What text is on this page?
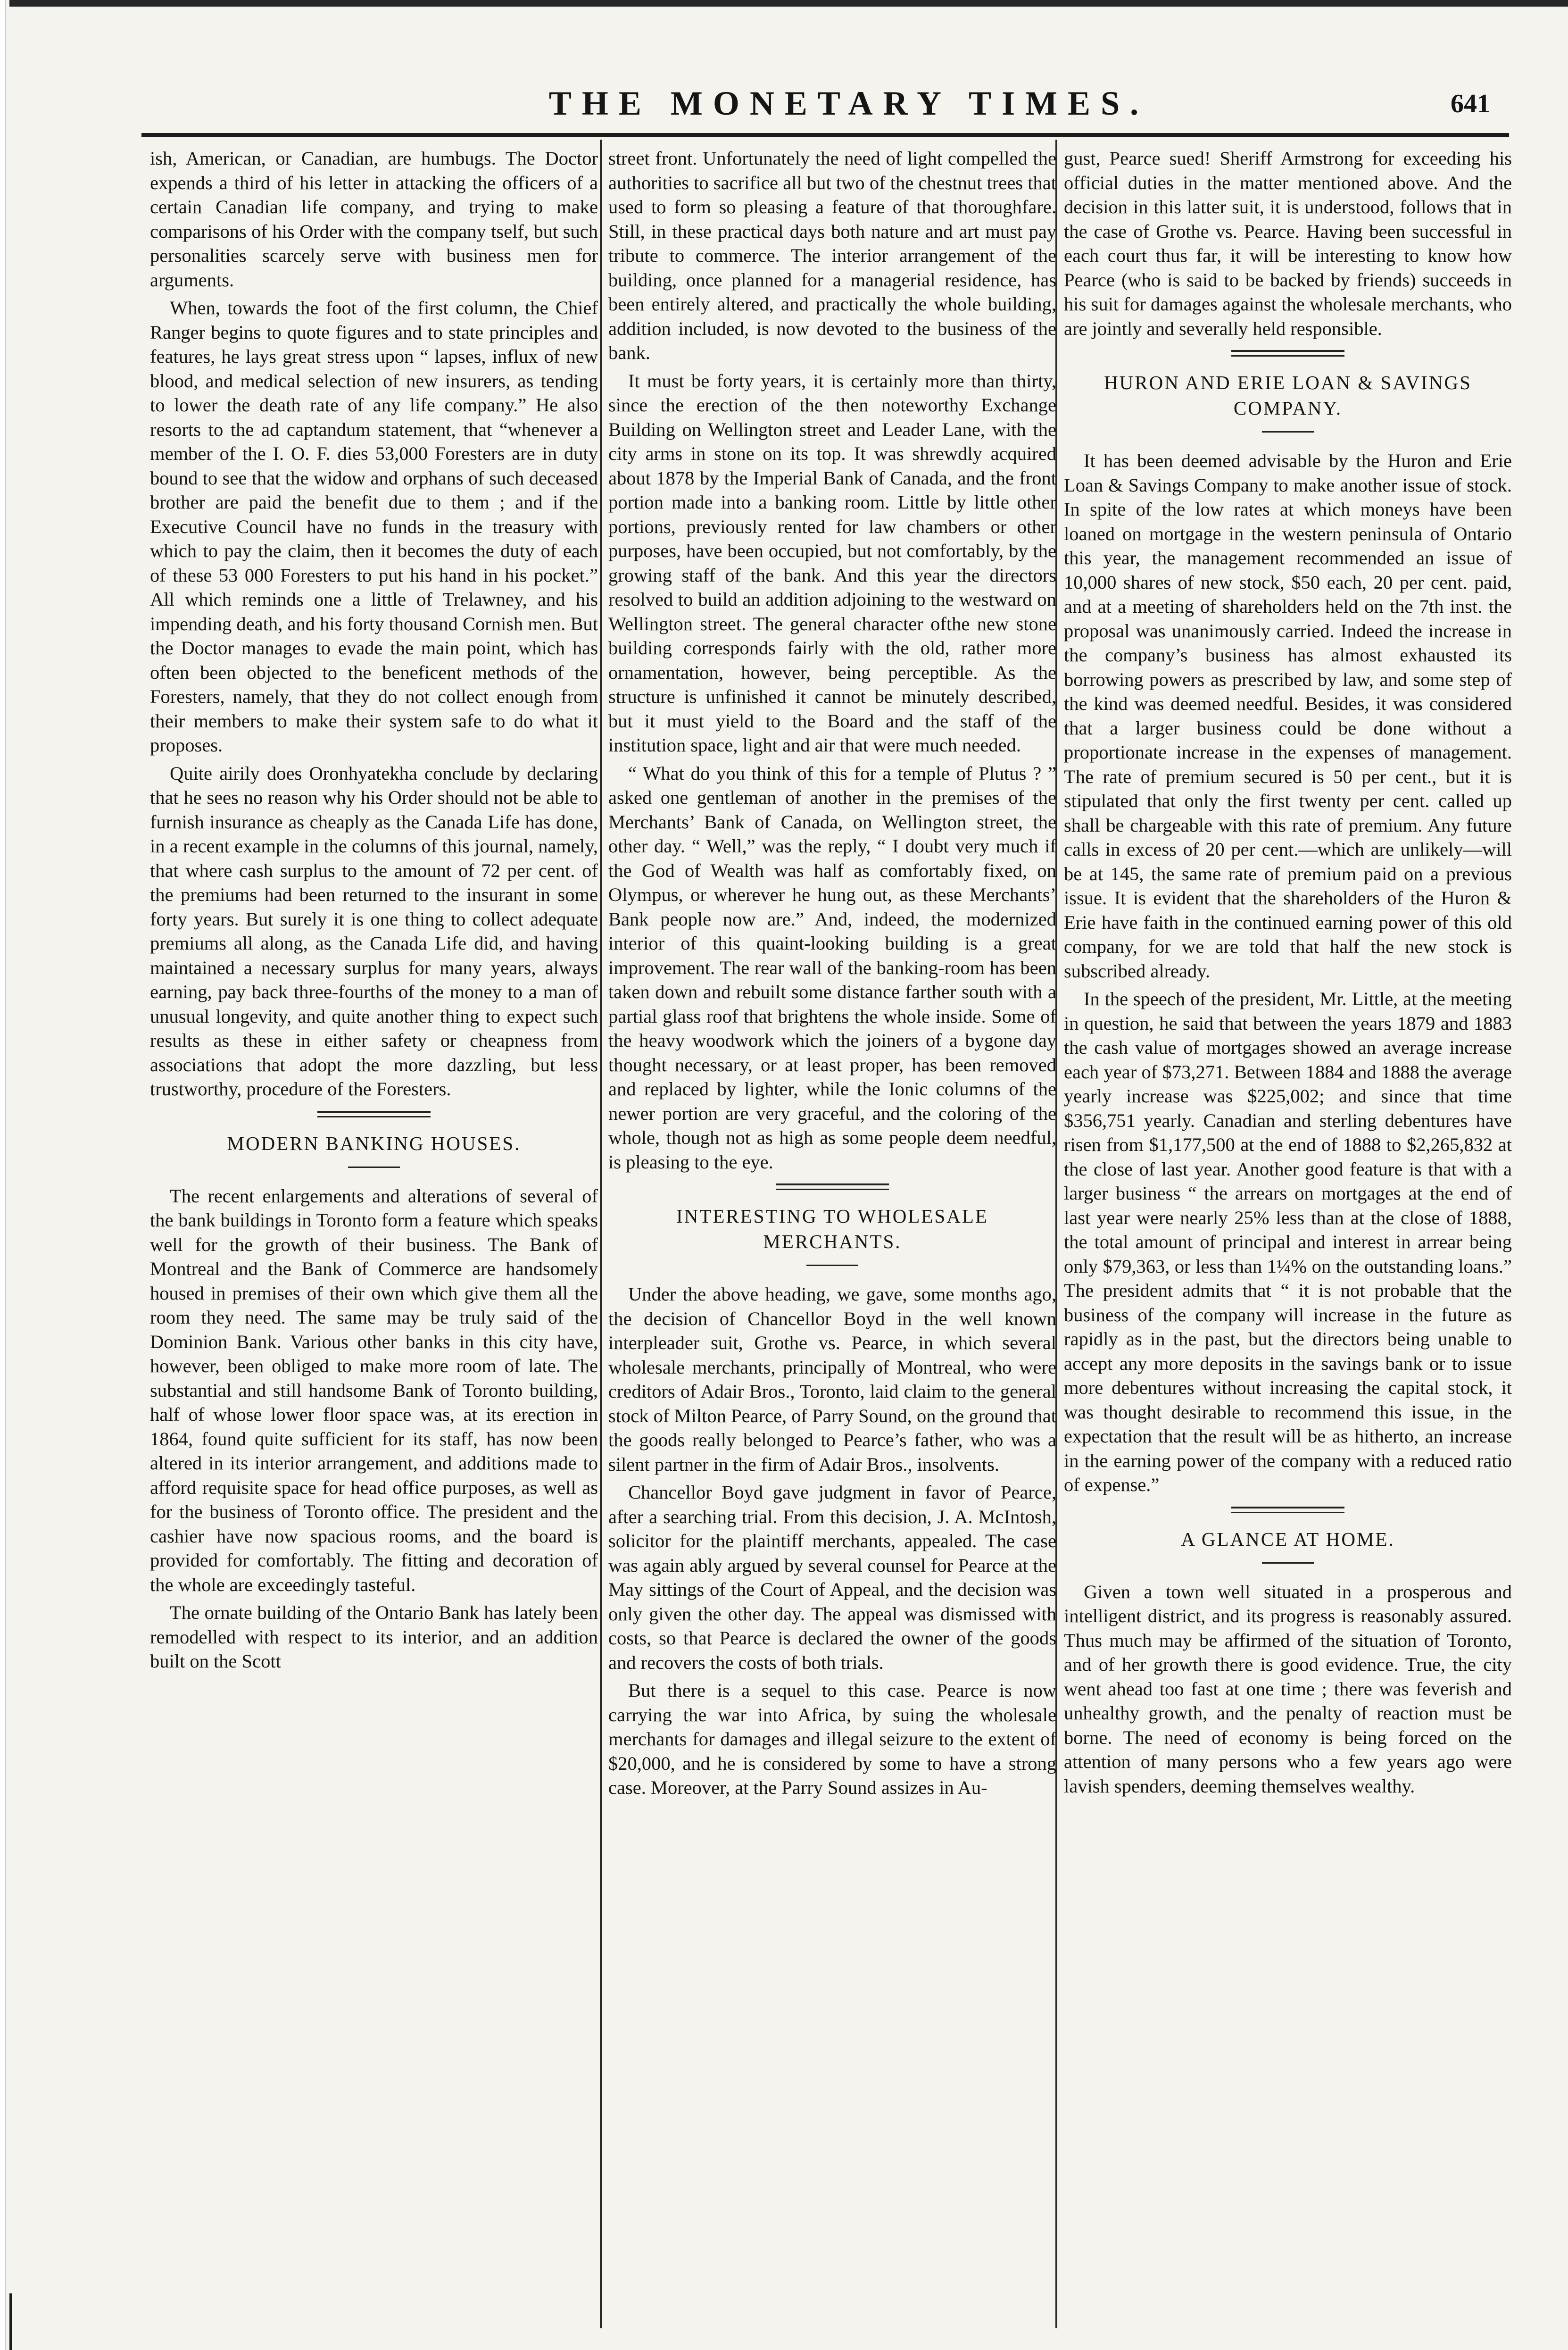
THE MONETARY TIMES.	641

ish, American, or Canadian, are humbugs. The Doctor expends a third of his letter in attacking the officers of a certain Canadian life company, and trying to make comparisons of his Order with the company tself, but such personalities scarcely serve with business men for arguments.

When, towards the foot of the first column, the Chief Ranger begins to quote figures and to state principles and features, he lays great stress upon “ lapses, influx of new blood, and medical selection of new insurers, as tending to lower the death rate of any life company.” He also resorts to the ad captandum statement, that “whenever a member of the I. O. F. dies 53,000 Foresters are in duty bound to see that the widow and orphans of such deceased brother are paid the benefit due to them ; and if the Executive Council have no funds in the treasury with which to pay the claim, then it becomes the duty of each of these 53 000 Foresters to put his hand in his pocket.” All which reminds one a little of Trelawney, and his impending death, and his forty thousand Cornish men. But the Doctor manages to evade the main point, which has often been objected to the beneficent methods of the Foresters, namely, that they do not collect enough from their members to make their system safe to do what it proposes.

Quite airily does Oronhyatekha conclude by declaring that he sees no reason why his Order should not be able to furnish insurance as cheaply as the Canada Life has done, in a recent example in the columns of this journal, namely, that where cash surplus to the amount of 72 per cent. of the premiums had been returned to the insurant in some forty years. But surely it is one thing to collect adequate premiums all along, as the Canada Life did, and having maintained a necessary surplus for many years, always earning, pay back three-fourths of the money to a man of unusual longevity, and quite another thing to expect such results as these in either safety or cheapness from associations that adopt the more dazzling, but less trustworthy, procedure of the Foresters.

MODERN BANKING HOUSES.

The recent enlargements and alterations of several of the bank buildings in Toronto form a feature which speaks well for the growth of their business. The Bank of Montreal and the Bank of Commerce are handsomely housed in premises of their own which give them all the room they need. The same may be truly said of the Dominion Bank. Various other banks in this city have, however, been obliged to make more room of late. The substantial and still handsome Bank of Toronto building, half of whose lower floor space was, at its erection in 1864, found quite sufficient for its staff, has now been altered in its interior arrangement, and additions made to afford requisite space for head office purposes, as well as for the business of Toronto office. The president and the cashier have now spacious rooms, and the board is provided for comfortably. The fitting and decoration of the whole are exceedingly tasteful.

The ornate building of the Ontario Bank has lately been remodelled with respect to its interior, and an addition built on the Scott

street front. Unfortunately the need of light compelled the authorities to sacrifice all but two of the chestnut trees that used to form so pleasing a feature of that thoroughfare. Still, in these practical days both nature and art must pay tribute to commerce. The interior arrangement of the building, once planned for a managerial residence, has been entirely altered, and practically the whole building, addition included, is now devoted to the business of the bank.

It must be forty years, it is certainly more than thirty, since the erection of the then noteworthy Exchange Building on Wellington street and Leader Lane, with the city arms in stone on its top. It was shrewdly acquired about 1878 by the Imperial Bank of Canada, and the front portion made into a banking room. Little by little other portions, previously rented for law chambers or other purposes, have been occupied, but not comfortably, by the growing staff of the bank. And this year the directors resolved to build an addition adjoining to the westward on Wellington street. The general character ofthe new stone building corresponds fairly with the old, rather more ornamentation, however, being perceptible. As the structure is unfinished it cannot be minutely described, but it must yield to the Board and the staff of the institution space, light and air that were much needed.

“ What do you think of this for a temple of Plutus ? ” asked one gentleman of another in the premises of the Merchants’ Bank of Canada, on Wellington street, the other day. “ Well,” was the reply, “ I doubt very much if the God of Wealth was half as comfortably fixed, on Olympus, or wherever he hung out, as these Merchants’ Bank people now are.” And, indeed, the modernized interior of this quaint-looking building is a great improvement. The rear wall of the banking-room has been taken down and rebuilt some distance farther south with a partial glass roof that brightens the whole inside. Some of the heavy woodwork which the joiners of a bygone day thought necessary, or at least proper, has been removed and replaced by lighter, while the Ionic columns of the newer portion are very graceful, and the coloring of the whole, though not as high as some people deem needful, is pleasing to the eye.

INTERESTING TO WHOLESALE MERCHANTS.

Under the above heading, we gave, some months ago, the decision of Chancellor Boyd in the well known interpleader suit, Grothe vs. Pearce, in which several wholesale merchants, principally of Montreal, who were creditors of Adair Bros., Toronto, laid claim to the general stock of Milton Pearce, of Parry Sound, on the ground that the goods really belonged to Pearce’s father, who was a silent partner in the firm of Adair Bros., insolvents.

Chancellor Boyd gave judgment in favor of Pearce, after a searching trial. From this decision, J. A. McIntosh, solicitor for the plaintiff merchants, appealed. The case was again ably argued by several counsel for Pearce at the May sittings of the Court of Appeal, and the decision was only given the other day. The appeal was dismissed with costs, so that Pearce is declared the owner of the goods and recovers the costs of both trials.

But there is a sequel to this case. Pearce is now carrying the war into Africa, by suing the wholesale merchants for damages and illegal seizure to the extent of $20,000, and he is considered by some to have a strong case. Moreover, at the Parry Sound assizes in Au-

gust, Pearce sued! Sheriff Armstrong for exceeding his official duties in the matter mentioned above. And the decision in this latter suit, it is understood, follows that in the case of Grothe vs. Pearce. Having been successful in each court thus far, it will be interesting to know how Pearce (who is said to be backed by friends) succeeds in his suit for damages against the wholesale merchants, who are jointly and severally held responsible.

HURON AND ERIE LOAN & SAVINGS COMPANY.

It has been deemed advisable by the Huron and Erie Loan & Savings Company to make another issue of stock. In spite of the low rates at which moneys have been loaned on mortgage in the western peninsula of Ontario this year, the management recommended an issue of 10,000 shares of new stock, $50 each, 20 per cent. paid, and at a meeting of shareholders held on the 7th inst. the proposal was unanimously carried. Indeed the increase in the company’s business has almost exhausted its borrowing powers as prescribed by law, and some step of the kind was deemed needful. Besides, it was considered that a larger business could be done without a proportionate increase in the expenses of management. The rate of premium secured is 50 per cent., but it is stipulated that only the first twenty per cent. called up shall be chargeable with this rate of premium. Any future calls in excess of 20 per cent.—which are unlikely—will be at 145, the same rate of premium paid on a previous issue. It is evident that the shareholders of the Huron & Erie have faith in the continued earning power of this old company, for we are told that half the new stock is subscribed already.

In the speech of the president, Mr. Little, at the meeting in question, he said that between the years 1879 and 1883 the cash value of mortgages showed an average increase each year of $73,271. Between 1884 and 1888 the average yearly increase was $225,002; and since that time $356,751 yearly. Canadian and sterling debentures have risen from $1,177,500 at the end of 1888 to $2,265,832 at the close of last year. Another good feature is that with a larger business “ the arrears on mortgages at the end of last year were nearly 25% less than at the close of 1888, the total amount of principal and interest in arrear being only $79,363, or less than 1¼% on the outstanding loans.” The president admits that “ it is not probable that the business of the company will increase in the future as rapidly as in the past, but the directors being unable to accept any more deposits in the savings bank or to issue more debentures without increasing the capital stock, it was thought desirable to recommend this issue, in the expectation that the result will be as hitherto, an increase in the earning power of the company with a reduced ratio of expense.”

A GLANCE AT HOME.

Given a town well situated in a prosperous and intelligent district, and its progress is reasonably assured. Thus much may be affirmed of the situation of Toronto, and of her growth there is good evidence. True, the city went ahead too fast at one time ; there was feverish and unhealthy growth, and the penalty of reaction must be borne. The need of economy is being forced on the attention of many persons who a few years ago were lavish spenders, deeming themselves wealthy.
